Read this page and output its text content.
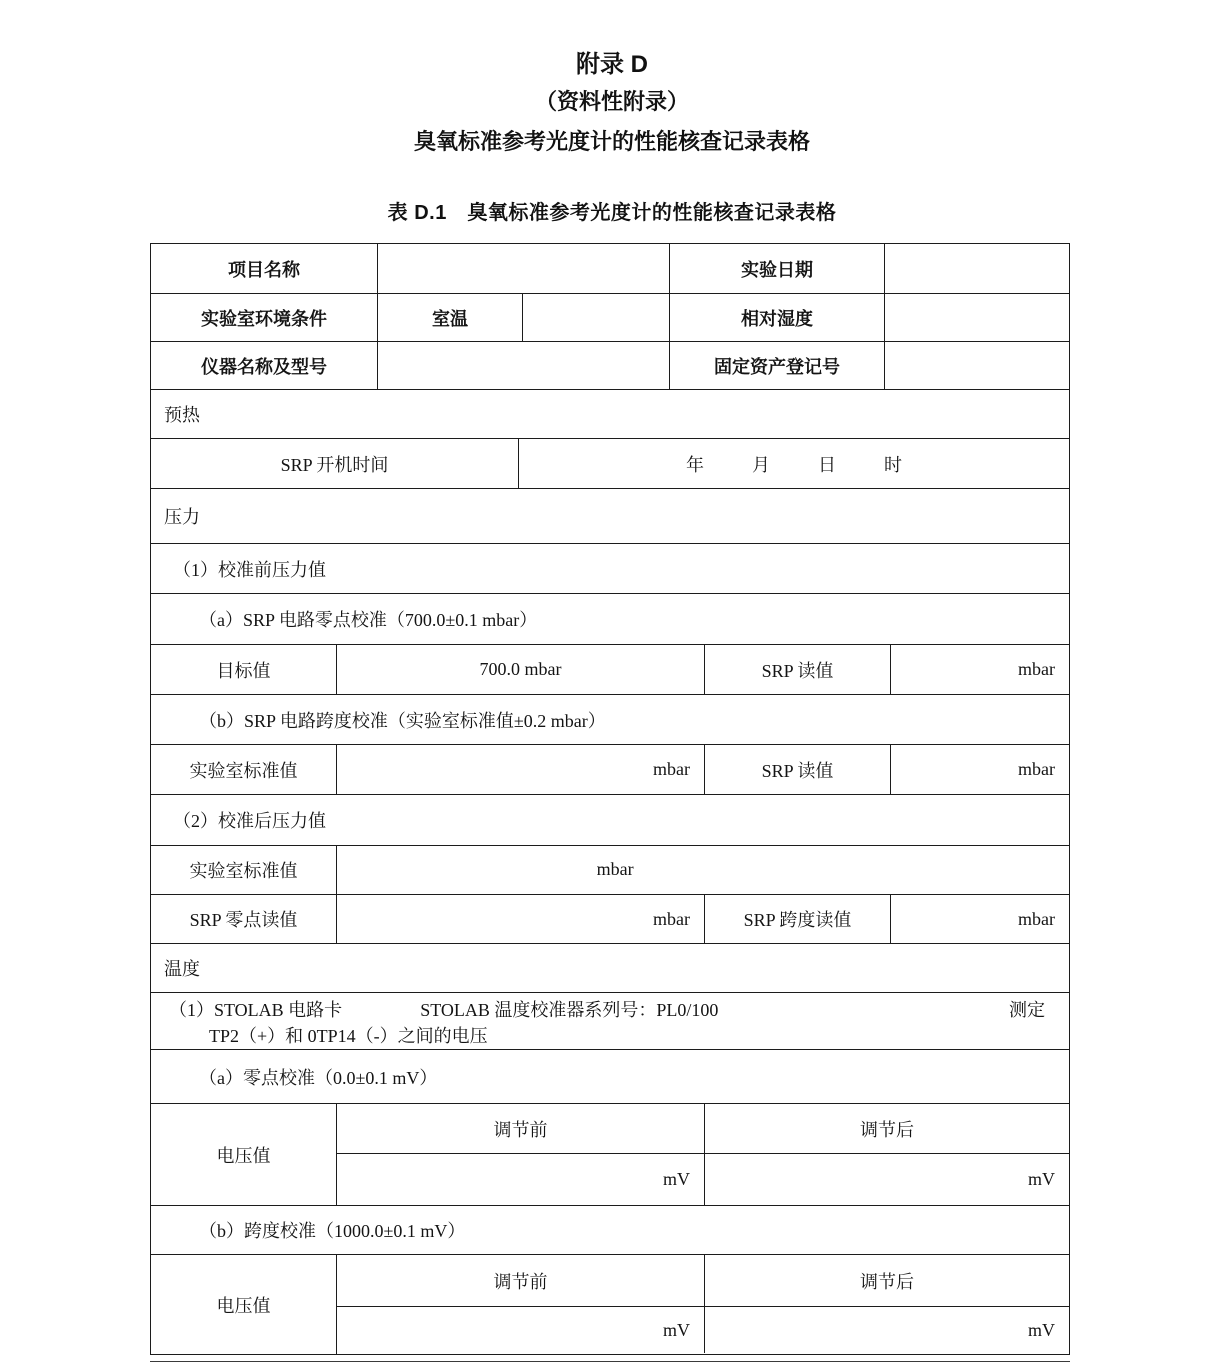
附录 D
（资料性附录）
臭氧标准参考光度计的性能核查记录表格
表 D.1　臭氧标准参考光度计的性能核查记录表格
项目名称	实验日期
实验室环境条件	室温	相对湿度
仪器名称及型号	固定资产登记号
预热
SRP 开机时间	年	月	日	时
压力
（1）校准前压力值
（a）SRP 电路零点校准（700.0±0.1 mbar）
目标值	700.0 mbar	SRP 读值	mbar
（b）SRP 电路跨度校准（实验室标准值±0.2 mbar）
实验室标准值	mbar	SRP 读值	mbar
（2）校准后压力值
实验室标准值	mbar
SRP 零点读值	mbar	SRP 跨度读值	mbar
温度
（1）STOLAB 电路卡	STOLAB 温度校准器系列号：PL0/100	测定
TP2（+）和 0TP14（-）之间的电压
（a）零点校准（0.0±0.1 mV）
电压值
调节前	调节后
mV	mV
（b）跨度校准（1000.0±0.1 mV）
电压值
调节前	调节后
mV	mV
